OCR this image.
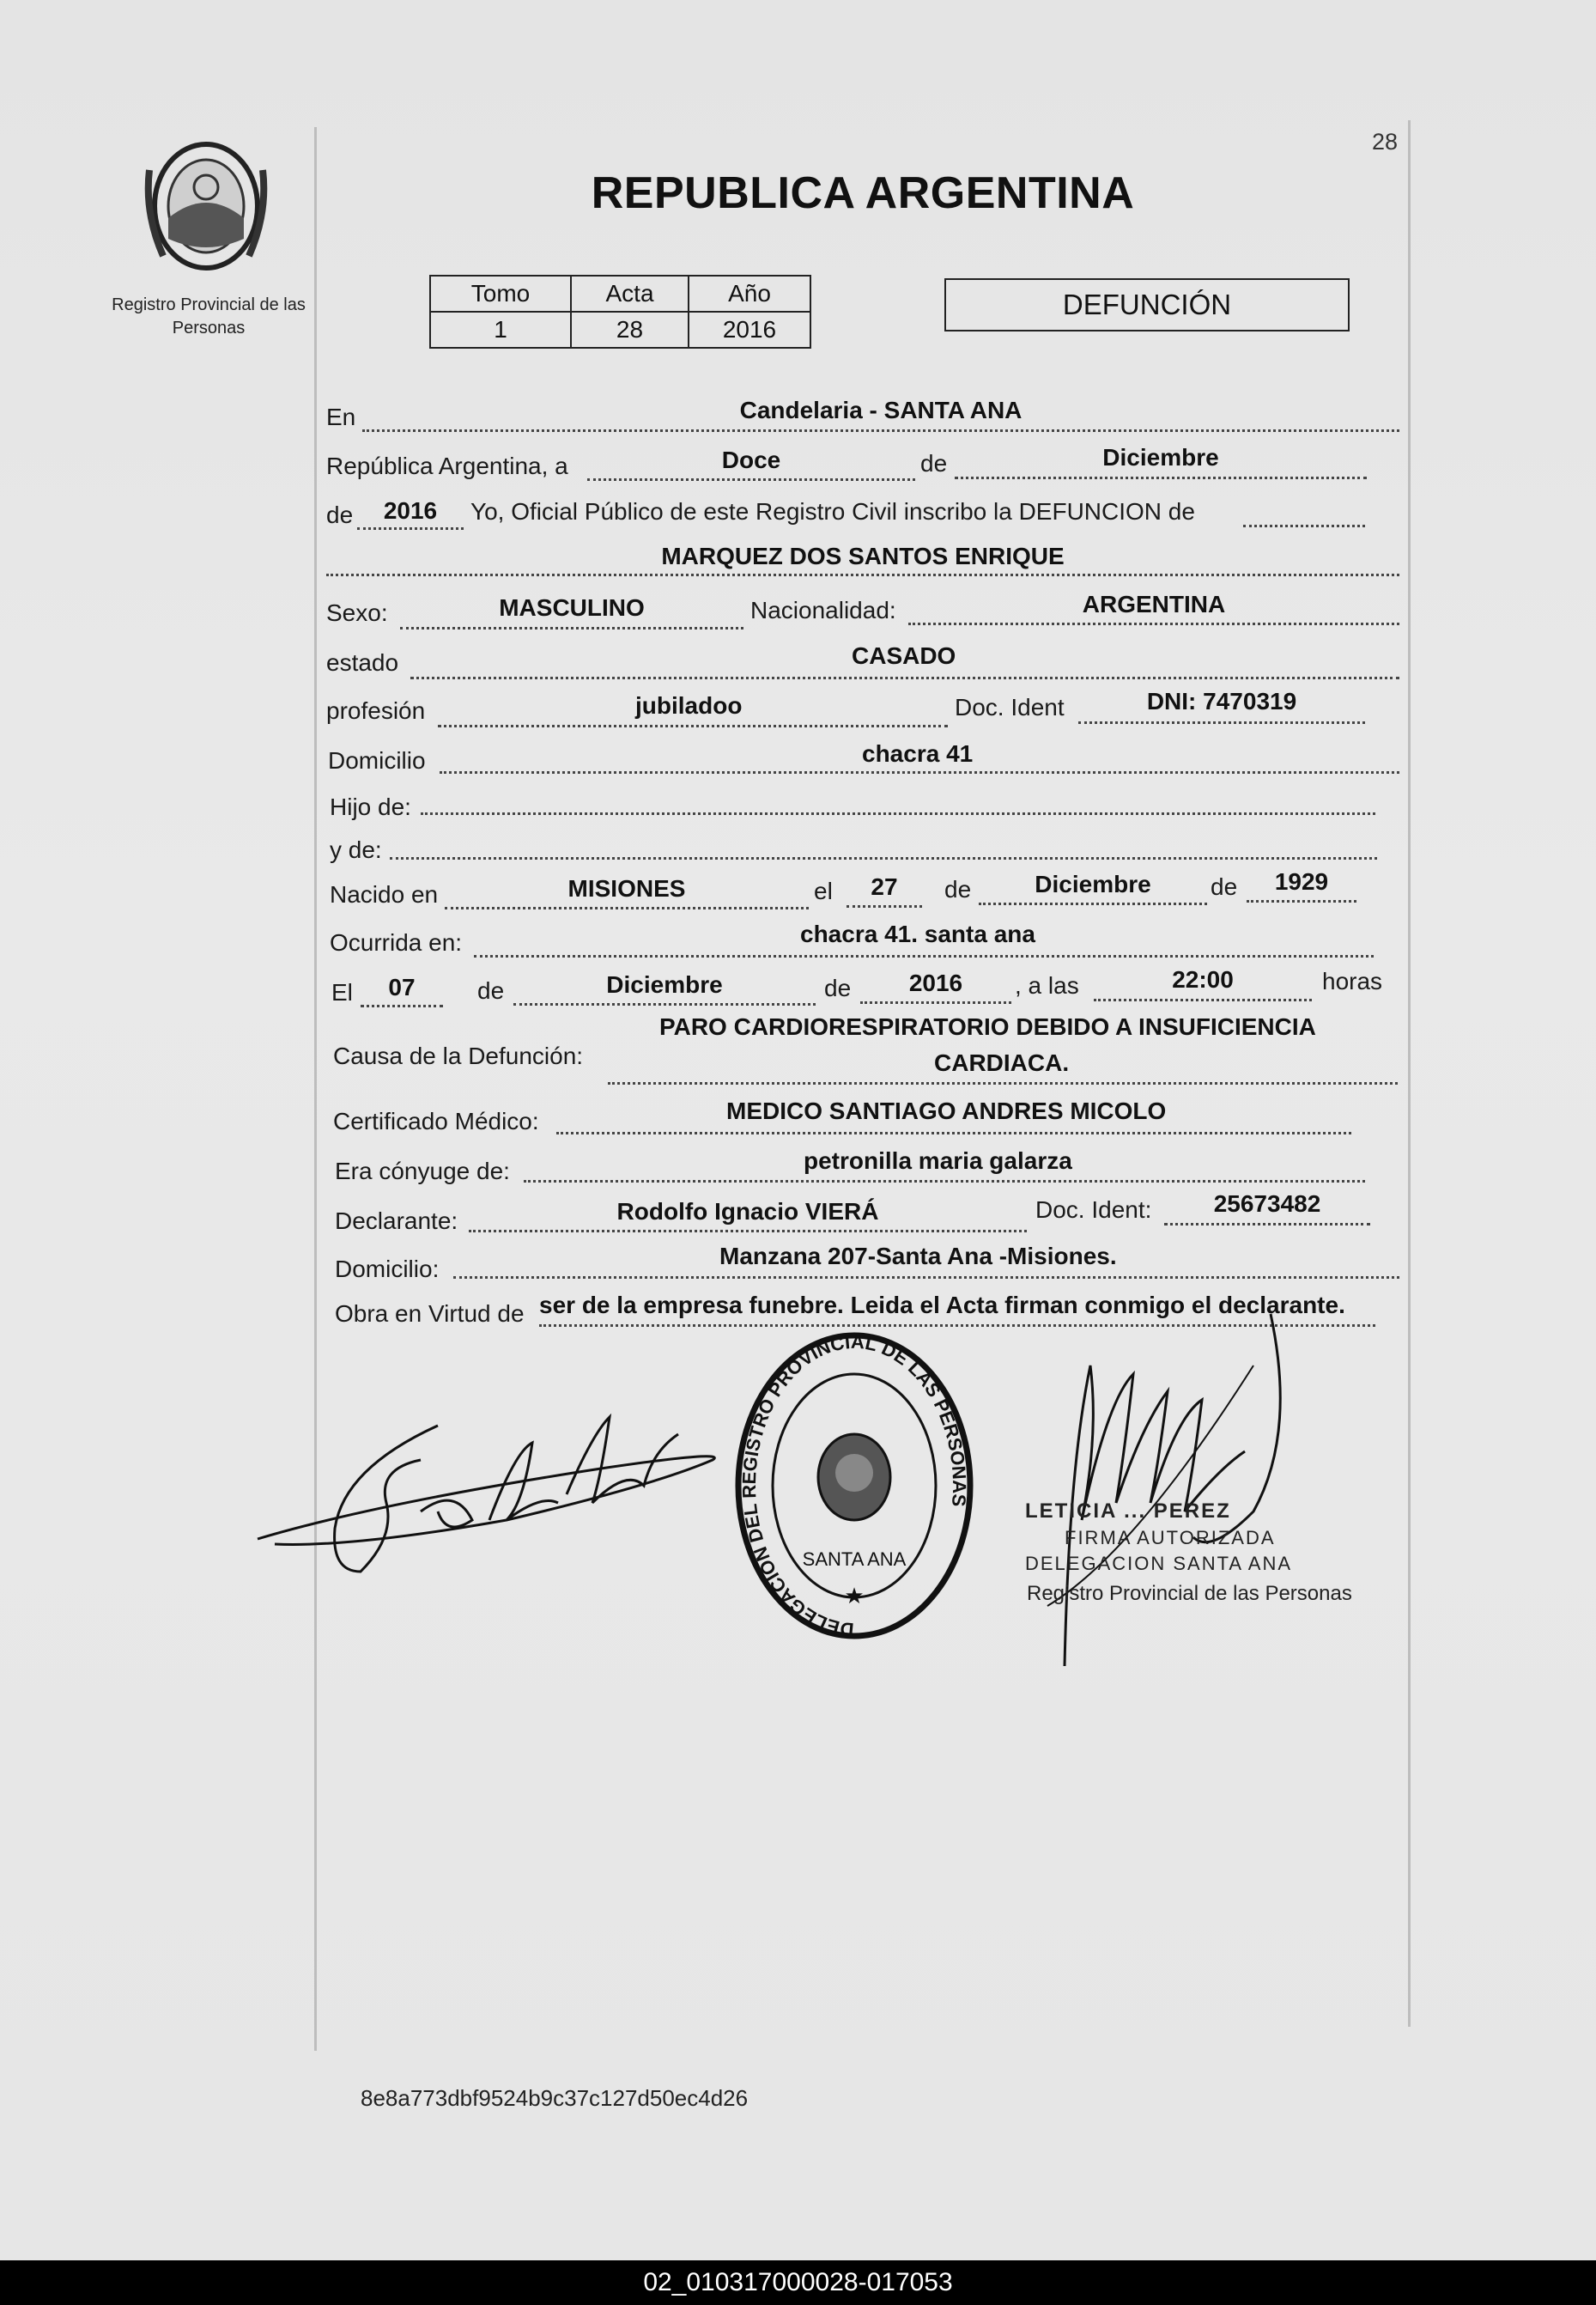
28
Registro Provincial de las Personas
REPUBLICA ARGENTINA
Tomo	Acta	Año
1	28	2016
DEFUNCIÓN
En	Candelaria - SANTA ANA
República Argentina, a	Doce	de	Diciembre
de	2016	Yo, Oficial Público de este Registro Civil inscribo la DEFUNCION de
MARQUEZ DOS SANTOS ENRIQUE
Sexo:	MASCULINO	Nacionalidad:	ARGENTINA
estado	CASADO
profesión	jubiladoo	Doc. Ident	DNI: 7470319
Domicilio	chacra 41
Hijo de:
y de:
Nacido en	MISIONES	el	27	de	Diciembre	de	1929
Ocurrida en:	chacra 41. santa ana
El	07	de	Diciembre	de	2016	, a las	22:00	horas
Causa de la Defunción:
PARO CARDIORESPIRATORIO DEBIDO A INSUFICIENCIA
CARDIACA.
Certificado Médico:	MEDICO SANTIAGO ANDRES MICOLO
Era cónyuge de:	petronilla maria galarza
Declarante:	Rodolfo Ignacio VIERÁ	Doc. Ident:	25673482
Domicilio:	Manzana 207-Santa Ana -Misiones.
Obra en Virtud de ser de la empresa funebre. Leida el Acta firman conmigo el declarante.
DELEGACION DEL REGISTRO PROVINCIAL DE LAS PERSONAS
SANTA ANA
★
LETICIA ... PEREZ
FIRMA AUTORIZADA
DELEGACION SANTA ANA
Registro Provincial de las Personas
8e8a773dbf9524b9c37c127d50ec4d26
02_010317000028-017053
